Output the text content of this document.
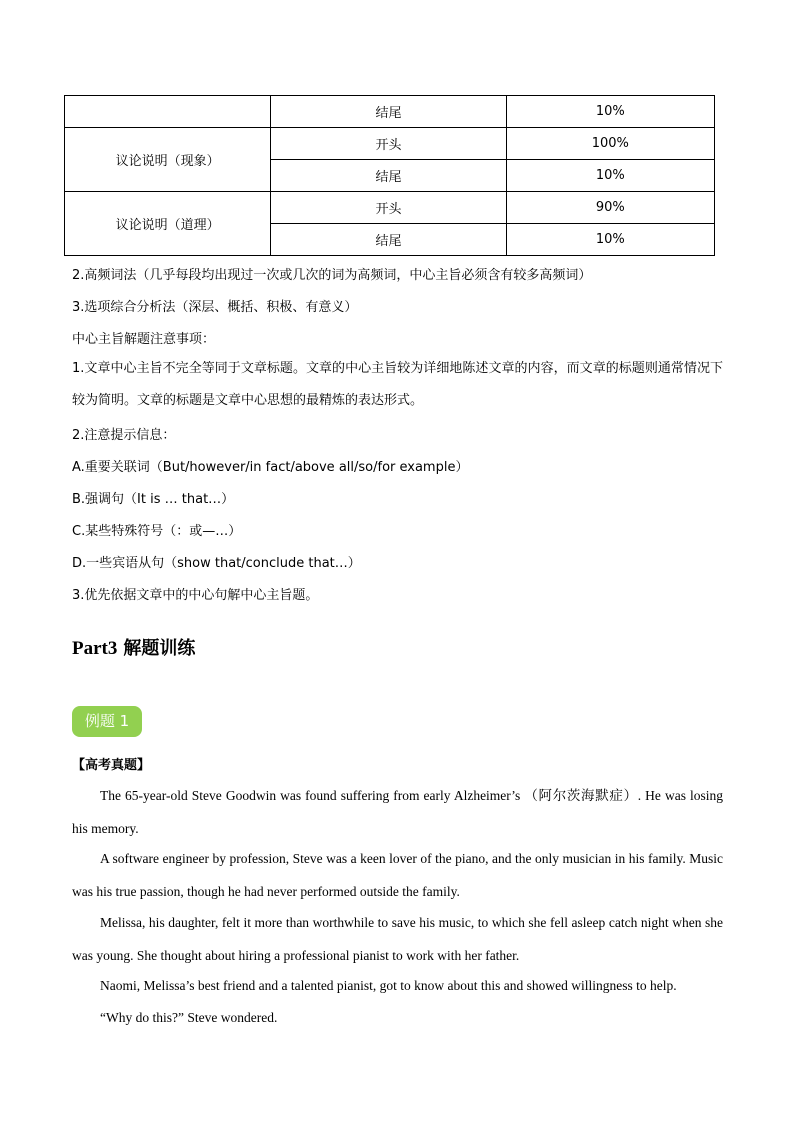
	结尾	10%
议论说明（现象）	开头	100%
	结尾	10%
议论说明（道理）	开头	90%
	结尾	10%
2.高频词法（几乎每段均出现过一次或几次的词为高频词，中心主旨必须含有较多高频词）
3.选项综合分析法（深层、概括、积极、有意义）
中心主旨解题注意事项：
1.文章中心主旨不完全等同于文章标题。文章的中心主旨较为详细地陈述文章的内容，而文章的标题则通常情况下较为简明。文章的标题是文章中心思想的最精炼的表达形式。
2.注意提示信息：
A.重要关联词（But/however/in fact/above all/so/for example）
B.强调句（It is … that…）
C.某些特殊符号（：或—…）
D.一些宾语从句（show that/conclude that…）
3.优先依据文章中的中心句解中心主旨题。
Part3 解题训练
例题 1
【高考真题】
The 65-year-old Steve Goodwin was found suffering from early Alzheimer’s （阿尔茨海默症）. He was losing his memory.
A software engineer by profession, Steve was a keen lover of the piano, and the only musician in his family. Music was his true passion, though he had never performed outside the family.
Melissa, his daughter, felt it more than worthwhile to save his music, to which she fell asleep catch night when she was young. She thought about hiring a professional pianist to work with her father.
Naomi, Melissa’s best friend and a talented pianist, got to know about this and showed willingness to help.
“Why do this?” Steve wondered.
